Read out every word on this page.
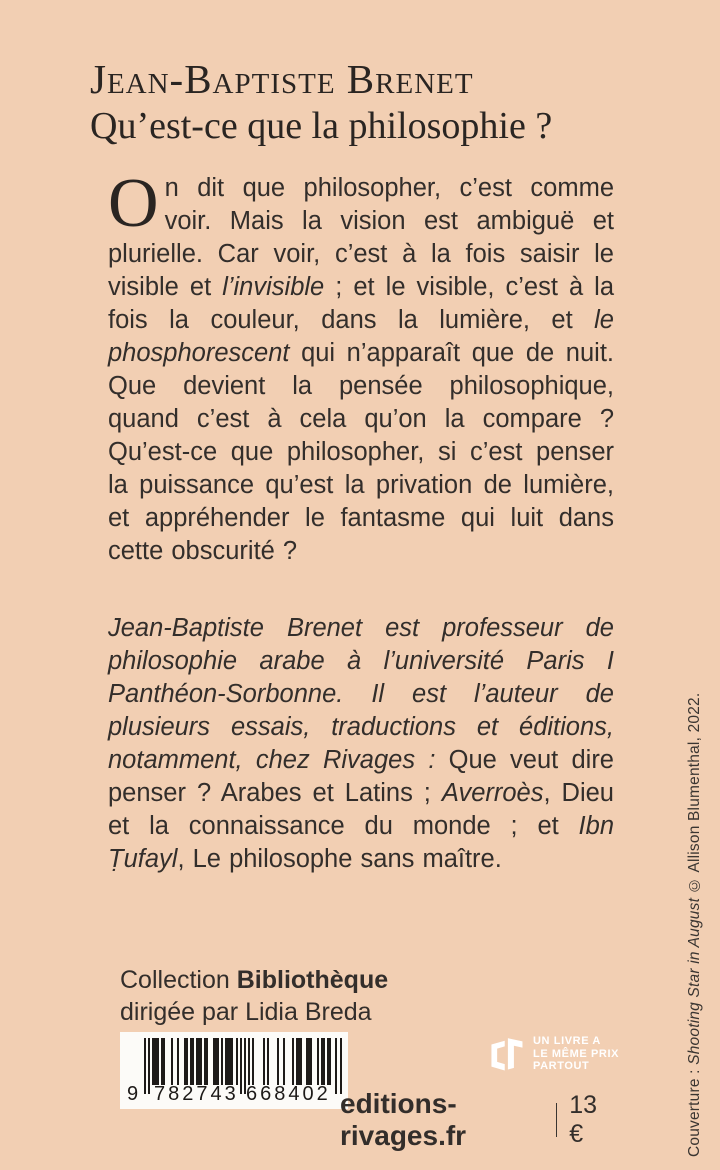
Jean-Baptiste Brenet
Qu’est-ce que la philosophie ?

On dit que philosopher, c’est comme voir. Mais la vision est ambiguë et plurielle. Car voir, c’est à la fois saisir le visible et l’invisible ; et le visible, c’est à la fois la couleur, dans la lumière, et le phosphorescent qui n’apparaît que de nuit. Que devient la pensée philosophique, quand c’est à cela qu’on la compare ? Qu’est-ce que philosopher, si c’est penser la puissance qu’est la privation de lumière, et appréhender le fantasme qui luit dans cette obscurité ?

Jean-Baptiste Brenet est professeur de philosophie arabe à l’université Paris I Panthéon-Sorbonne. Il est l’auteur de plusieurs essais, traductions et éditions, notamment, chez Rivages : Que veut dire penser ? Arabes et Latins ; Averroès, Dieu et la connaissance du monde ; et Ibn Ṭufayl, Le philosophe sans maître.

Collection Bibliothèque
dirigée par Lidia Breda
9 782743 668402
UN LIVRE A
LE MÊME PRIX
PARTOUT
editions-rivages.fr
13 €	Couverture : Shooting Star in August © Allison Blumenthal, 2022.
